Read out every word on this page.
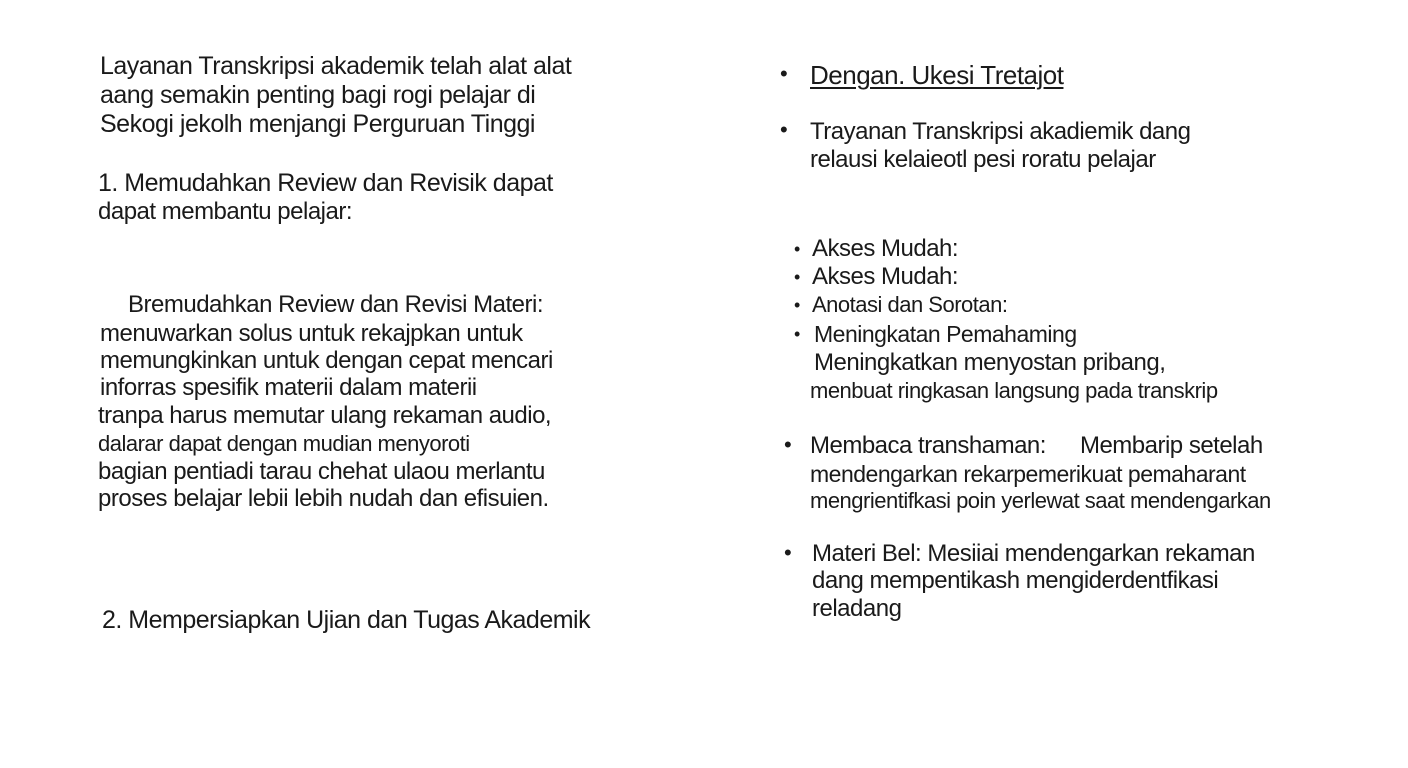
Layanan Transkripsi akademik telah alat alat
aang semakin penting bagi rogi pelajar di
Sekogi jekolh menjangi Perguruan Tinggi
1. Memudahkan Review dan Revisik dapat
dapat membantu pelajar:
Bremudahkan Review dan Revisi Materi:
menuwarkan solus untuk rekajpkan untuk
memungkinkan untuk dengan cepat mencari
inforras spesifik materii dalam materii
tranpa harus memutar ulang rekaman audio,
dalarar dapat dengan mudian menyoroti
bagian pentiadi tarau chehat ulaou merlantu
proses belajar lebii lebih nudah dan efisuien.
2. Mempersiapkan Ujian dan Tugas Akademik
• Dengan. Ukesi Tretajot
• Trayanan Transkripsi akadiemik dang
relausi kelaieotl pesi roratu pelajar
• Akses Mudah:
• Akses Mudah:
• Anotasi dan Sorotan:
• Meningkatan Pemahaming
Meningkatkan menyostan pribang,
menbuat ringkasan langsung pada transkrip
• Membaca transhaman: Membarip setelah
mendengarkan rekarpemerikuat pemaharant
mengrientifkasi poin yerlewat saat mendengarkan
• Materi Bel: Mesiiai mendengarkan rekaman
dang mempentikash mengiderdentfikasi
reladang
